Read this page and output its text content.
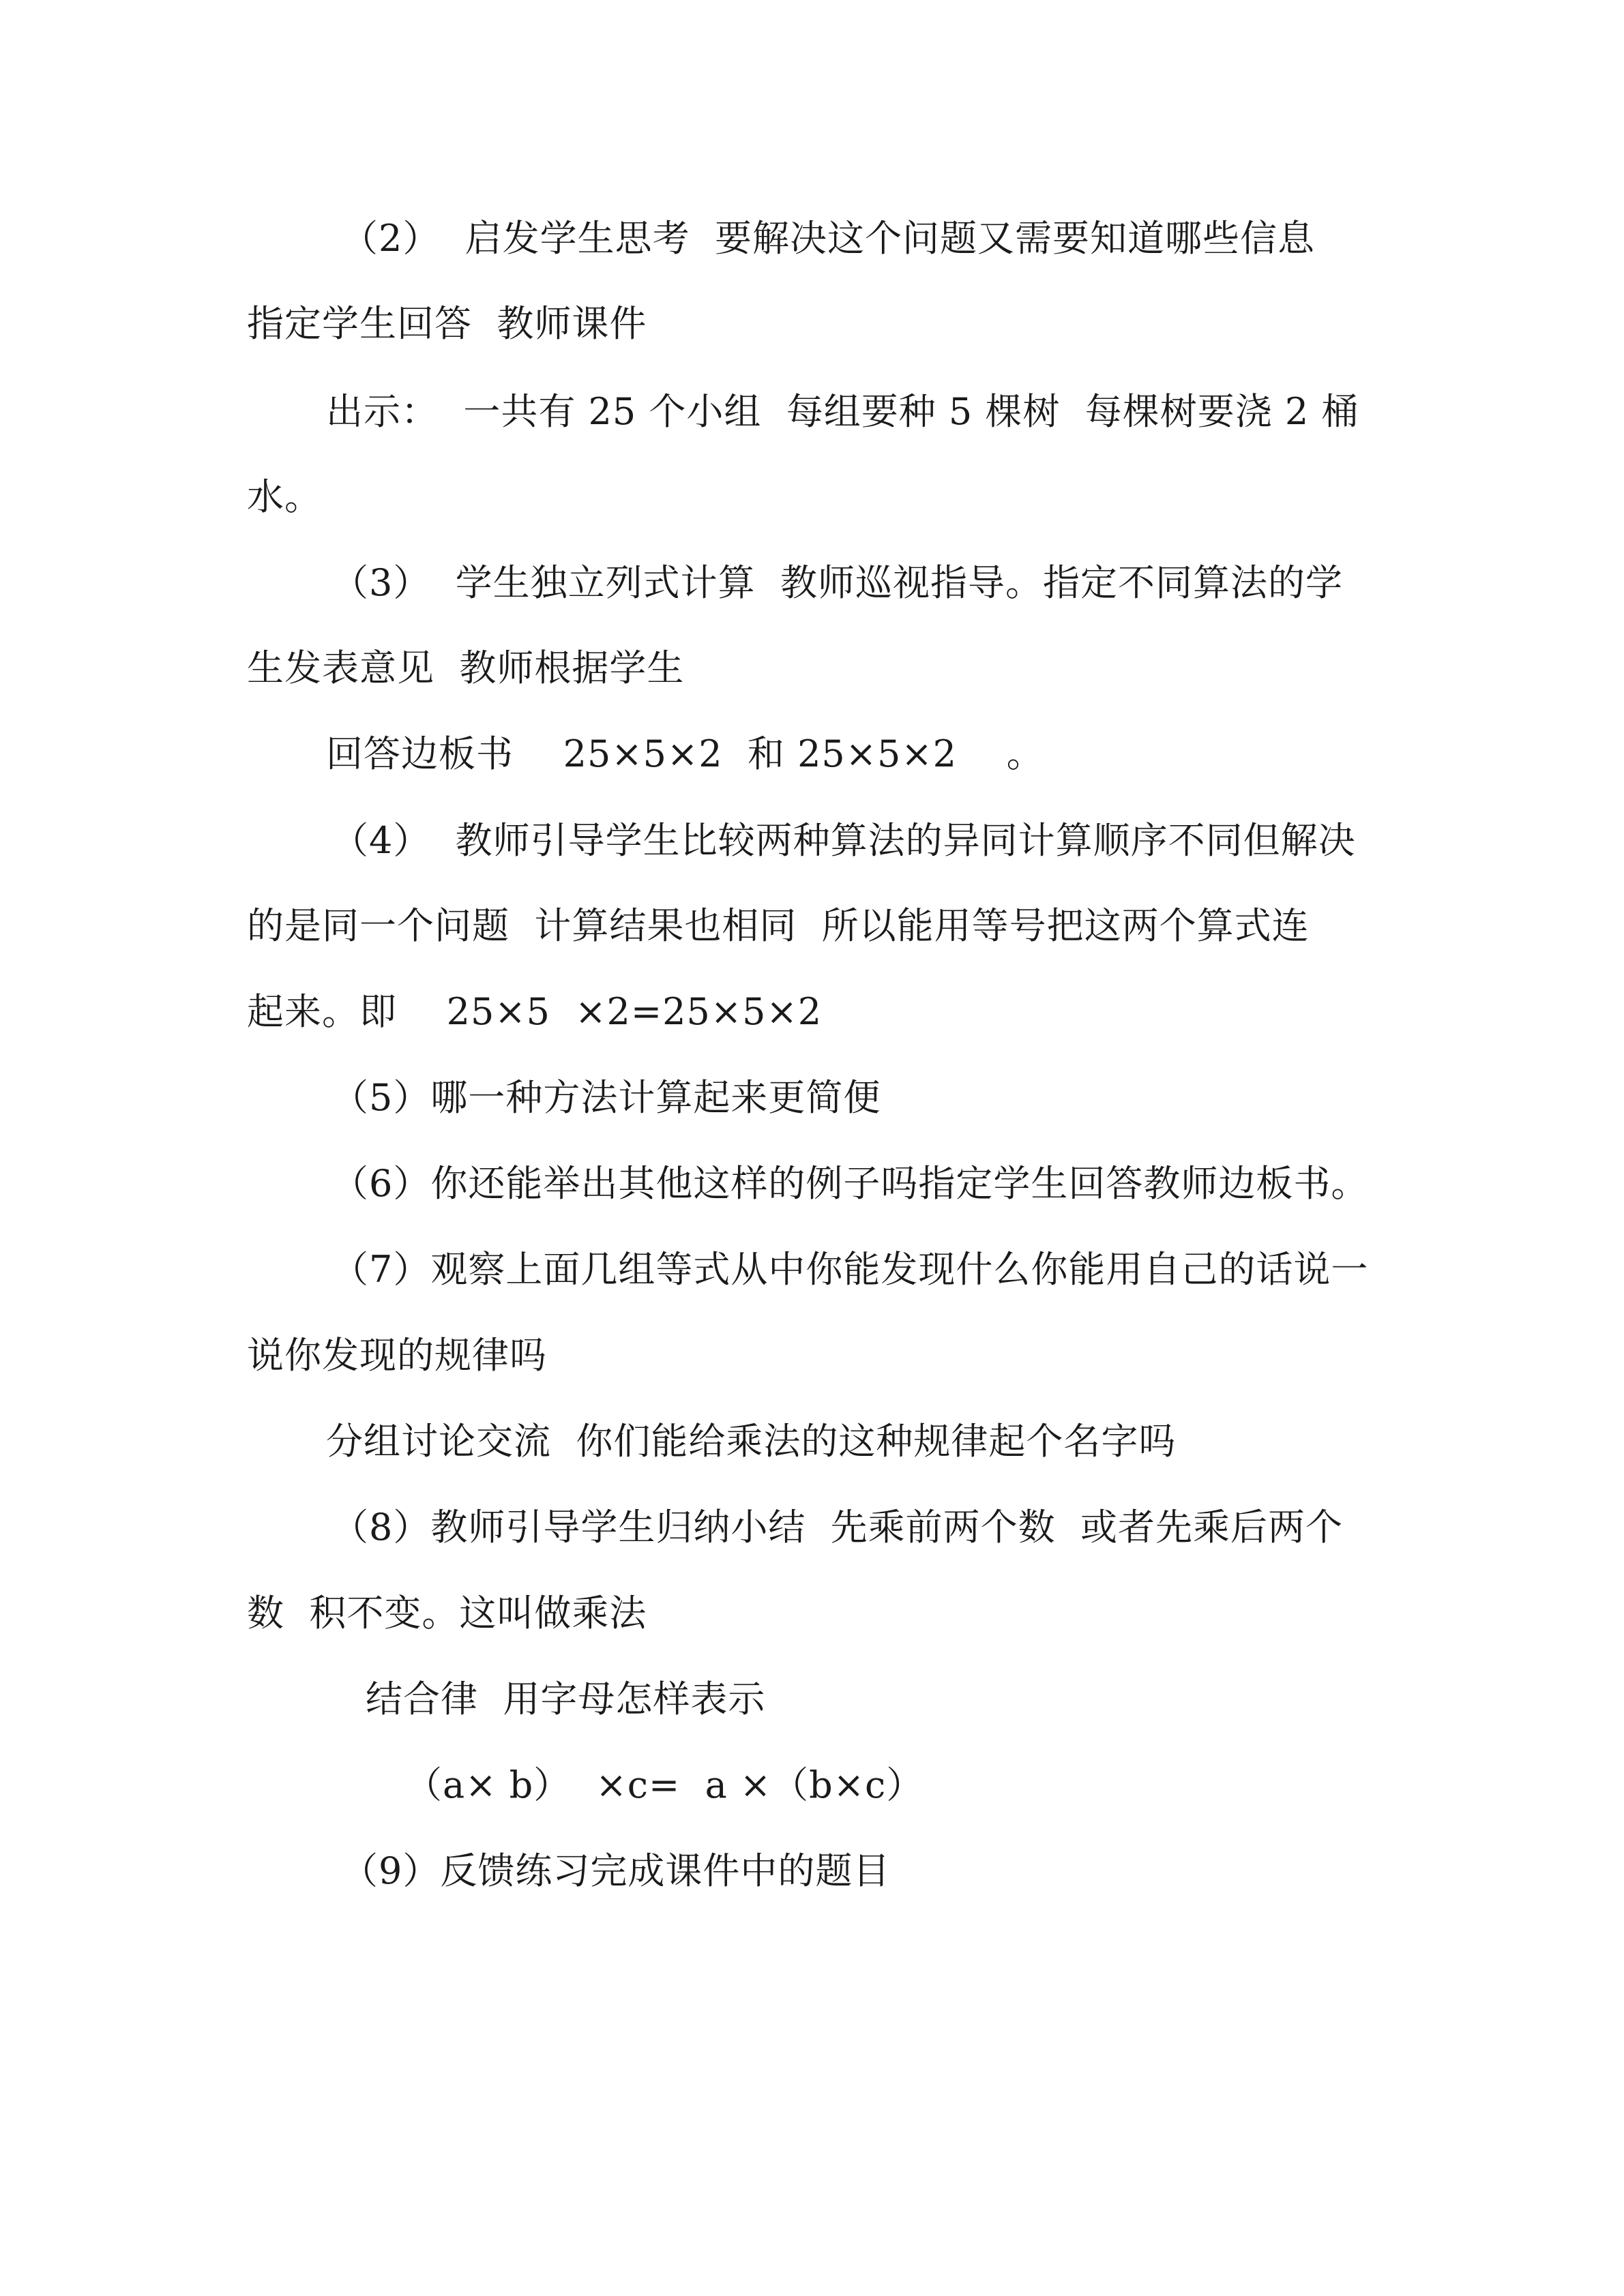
（2）  启发学生思考  要解决这个问题又需要知道哪些信息
指定学生回答  教师课件
出示：  一共有 25 个小组  每组要种 5 棵树  每棵树要浇 2 桶
水。
（3）  学生独立列式计算  教师巡视指导。指定不同算法的学
生发表意见  教师根据学生
回答边板书    25×5×2  和 25×5×2    。
（4）  教师引导学生比较两种算法的异同计算顺序不同但解决
的是同一个问题  计算结果也相同  所以能用等号把这两个算式连
起来。即    25×5  ×2=25×5×2
（5）哪一种方法计算起来更简便
（6）你还能举出其他这样的例子吗指定学生回答教师边板书。
（7）观察上面几组等式从中你能发现什么你能用自己的话说一
说你发现的规律吗
分组讨论交流  你们能给乘法的这种规律起个名字吗
（8）教师引导学生归纳小结  先乘前两个数  或者先乘后两个
数  积不变。这叫做乘法
结合律  用字母怎样表示
（a× b）  ×c=  a ×（b×c）
（9）反馈练习完成课件中的题目
